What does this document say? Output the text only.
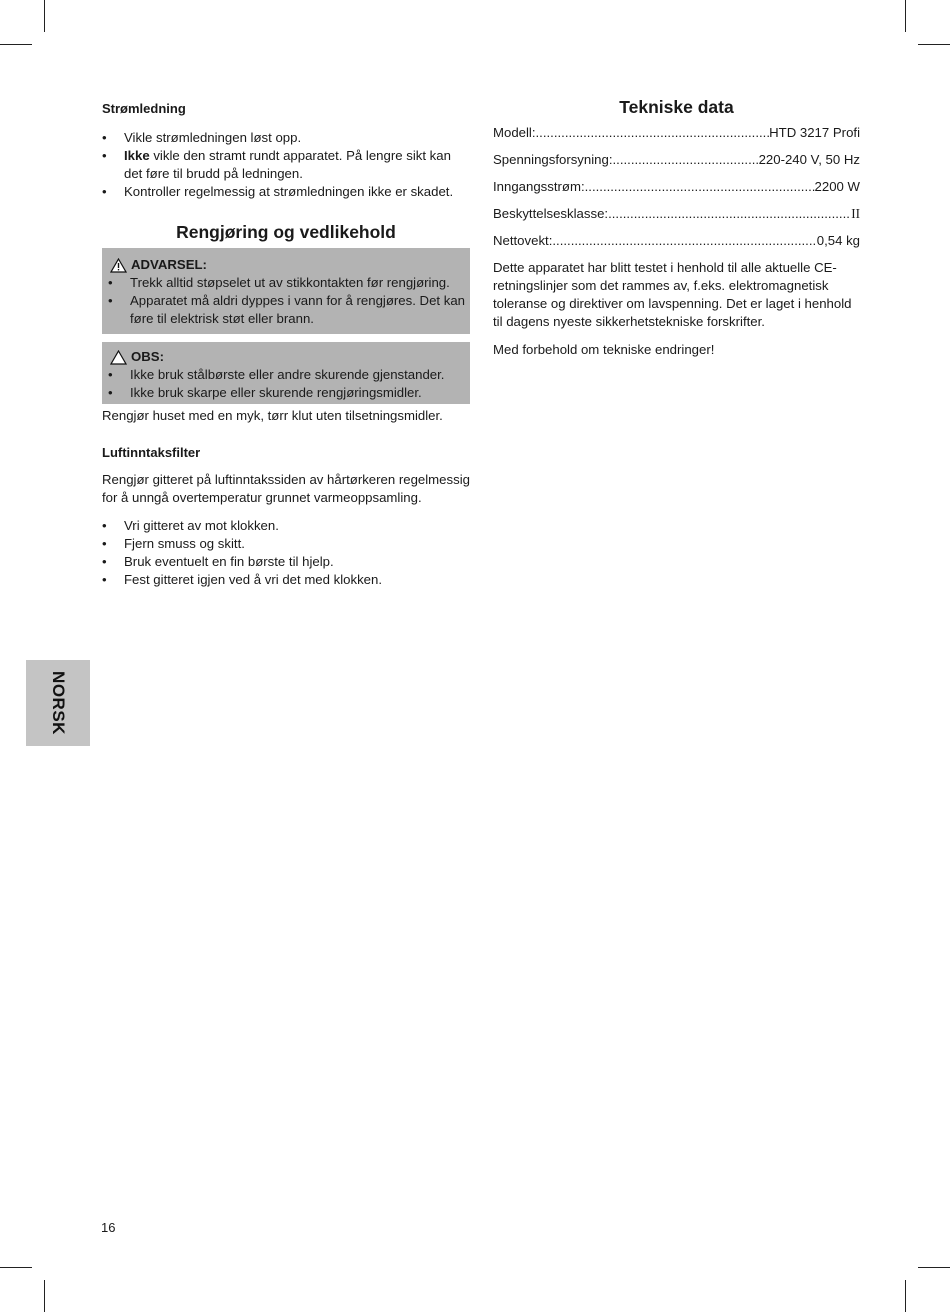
Strømledning
• Vikle strømledningen løst opp.
• Ikke vikle den stramt rundt apparatet. På lengre sikt kan det føre til brudd på ledningen.
• Kontroller regelmessig at strømledningen ikke er skadet.
Rengjøring og vedlikehold
ADVARSEL:
• Trekk alltid støpselet ut av stikkontakten før rengjøring.
• Apparatet må aldri dyppes i vann for å rengjøres. Det kan føre til elektrisk støt eller brann.
OBS:
• Ikke bruk stålbørste eller andre skurende gjenstander.
• Ikke bruk skarpe eller skurende rengjøringsmidler.

Rengjør huset med en myk, tørr klut uten tilsetningsmidler.

Luftinntaksfilter

Rengjør gitteret på luftinntakssiden av hårtørkeren regelmessig for å unngå overtemperatur grunnet varmeoppsamling.

• Vri gitteret av mot klokken.
• Fjern smuss og skitt.
• Bruk eventuelt en fin børste til hjelp.
• Fest gitteret igjen ved å vri det med klokken.
Tekniske data
Modell: .....	HTD 3217 Profi
Spenningsforsyning: .....	220-240 V, 50 Hz
Inngangsstrøm: .....	2200 W
Beskyttelsesklasse: .....	II
Nettovekt: .....	0,54 kg

Dette apparatet har blitt testet i henhold til alle aktuelle CE-retningslinjer som det rammes av, f.eks. elektromagnetisk toleranse og direktiver om lavspenning. Det er laget i henhold til dagens nyeste sikkerhetstekniske forskrifter.

Med forbehold om tekniske endringer!

NORSK
16
